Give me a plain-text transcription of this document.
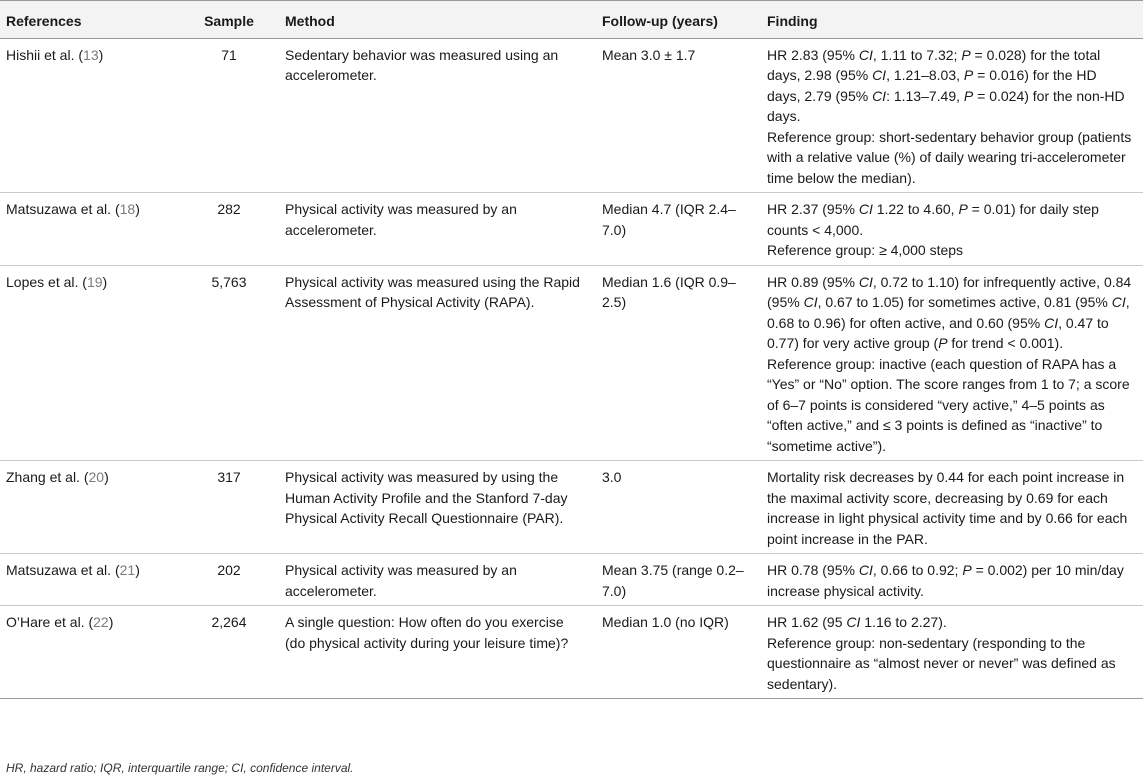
References	Sample	Method	Follow-up (years)	Finding
Hishii et al. (13)	71	Sedentary behavior was measured using an accelerometer.	Mean 3.0 ± 1.7	HR 2.83 (95% CI, 1.11 to 7.32; P = 0.028) for the total days, 2.98 (95% CI, 1.21–8.03, P = 0.016) for the HD days, 2.79 (95% CI: 1.13–7.49, P = 0.024) for the non-HD days.

Reference group: short-sedentary behavior group (patients with a relative value (%) of daily wearing tri-accelerometer time below the median).

Matsuzawa et al. (18)	282	Physical activity was measured by an accelerometer.	Median 4.7 (IQR 2.4–7.0)	HR 2.37 (95% CI 1.22 to 4.60, P = 0.01) for daily step counts < 4,000.

Reference group: ≥ 4,000 steps

Lopes et al. (19)	5,763	Physical activity was measured using the Rapid Assessment of Physical Activity (RAPA).	Median 1.6 (IQR 0.9–2.5)	HR 0.89 (95% CI, 0.72 to 1.10) for infrequently active, 0.84 (95% CI, 0.67 to 1.05) for sometimes active, 0.81 (95% CI, 0.68 to 0.96) for often active, and 0.60 (95% CI, 0.47 to 0.77) for very active group (P for trend < 0.001).

Reference group: inactive (each question of RAPA has a “Yes” or “No” option. The score ranges from 1 to 7; a score of 6–7 points is considered “very active,” 4–5 points as “often active,” and ≤ 3 points is defined as “inactive” to “sometime active”).

Zhang et al. (20)	317	Physical activity was measured by using the Human Activity Profile and the Stanford 7-day Physical Activity Recall Questionnaire (PAR).	3.0	Mortality risk decreases by 0.44 for each point increase in the maximal activity score, decreasing by 0.69 for each increase in light physical activity time and by 0.66 for each point increase in the PAR.

Matsuzawa et al. (21)	202	Physical activity was measured by an accelerometer.	Mean 3.75 (range 0.2–7.0)	HR 0.78 (95% CI, 0.66 to 0.92; P = 0.002) per 10 min/day increase physical activity.

O’Hare et al. (22)	2,264	A single question: How often do you exercise (do physical activity during your leisure time)?	Median 1.0 (no IQR)	HR 1.62 (95 CI 1.16 to 2.27).

Reference group: non-sedentary (responding to the questionnaire as “almost never or never” was defined as sedentary).

HR, hazard ratio; IQR, interquartile range; CI, confidence interval.
